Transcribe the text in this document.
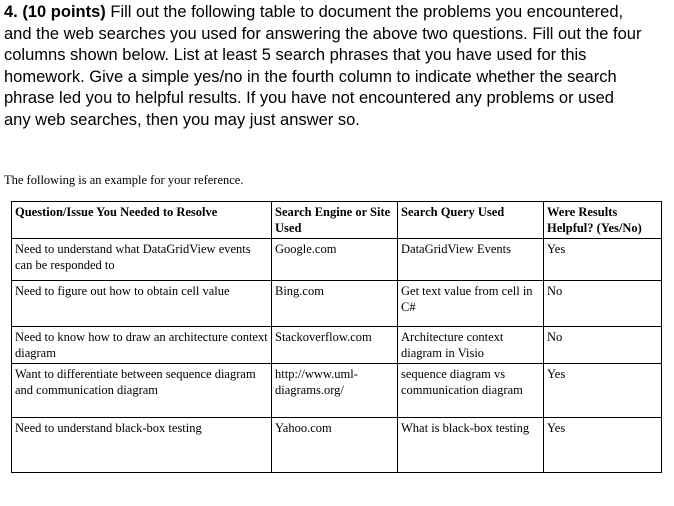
4. (10 points) Fill out the following table to document the problems you encountered, and the web searches you used for answering the above two questions. Fill out the four columns shown below. List at least 5 search phrases that you have used for this homework. Give a simple yes/no in the fourth column to indicate whether the search phrase led you to helpful results. If you have not encountered any problems or used any web searches, then you may just answer so.
The following is an example for your reference.
Question/Issue You Needed to Resolve	Search Engine or Site Used	Search Query Used	Were Results Helpful? (Yes/No)
Need to understand what DataGridView events can be responded to	Google.com	DataGridView Events	Yes
Need to figure out how to obtain cell value	Bing.com	Get text value from cell in C#	No
Need to know how to draw an architecture context diagram	Stackoverflow.com	Architecture context diagram in Visio	No
Want to differentiate between sequence diagram and communication diagram	http://www.uml-diagrams.org/	sequence diagram vs communication diagram	Yes
Need to understand black-box testing	Yahoo.com	What is black-box testing	Yes
